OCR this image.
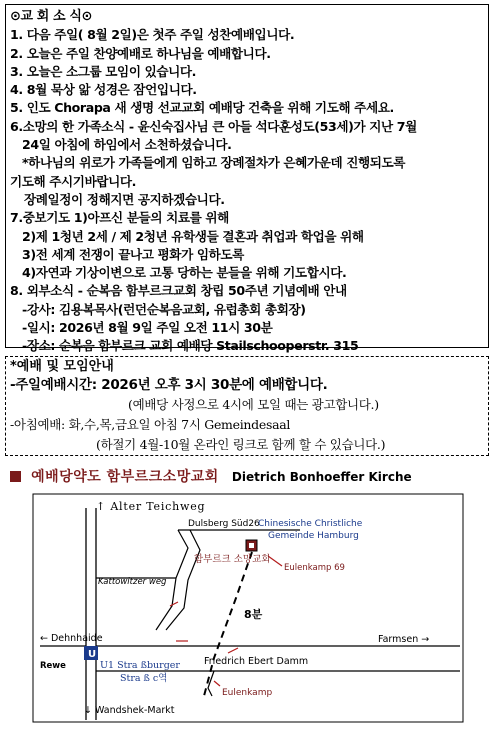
⊙교 회 소 식⊙
1. 다음 주일( 8월 2일)은 첫주 주일 성찬예배입니다.
2. 오늘은 주일 찬양예배로 하나님을 예배합니다.
3. 오늘은 소그룹 모임이 있습니다.
4. 8월 묵상 앎 성경은 잠언입니다.
5. 인도 Chorapa 새 생명 선교교회 예배당 건축을 위해 기도해 주세요.
6.소망의 한 가족소식 - 윤신숙집사님 큰 아들 석다훈성도(53세)가 지난 7월
24일 아침에 하임에서 소천하셨습니다.
*하나님의 위로가 가족들에게 임하고 장례절차가 은혜가운데 진행되도록
기도해 주시기바랍니다.
장례일정이 정해지면 공지하겠습니다.
7.중보기도 1)아프신 분들의 치료를 위해
2)제 1청년 2세 / 제 2청년 유학생들 결혼과 취업과 학업을 위해
3)전 세계 전쟁이 끝나고 평화가 임하도록
4)자연과 기상이변으로 고통 당하는 분들을 위해 기도합시다.
8. 외부소식 - 순복음 함부르크교회 창립 50주년 기념예배 안내
-강사: 김용복목사(런던순복음교회, 유럽총회 총회장)
-일시: 2026년 8월 9일 주일 오전 11시 30분
-장소: 순복음 함부르크 교회 예배당 Stailschooperstr. 315
*예배 및 모임안내
-주일예배시간: 2026년 오후 3시 30분에 예배합니다.
(예배당 사정으로 4시에 모일 때는 광고합니다.)
-아침예배: 화,수,목,금요일 아침 7시 Gemeindesaal
(하절기 4월-10월 온라인 링크로 함께 할 수 있습니다.)
예배당약도 함부르크소망교회 Dietrich Bonhoeffer Kirche
U
↑ Alter Teichweg
Dulsberg Süd26
Chinesische Christliche
Gemeinde Hamburg
함부르크 소망교회
Eulenkamp 69
Kattowitzer weg
8분
← Dehnhaide
Rewe	U1 Stra ßburger
Stra ß c역
Friedrich Ebert Damm
Farmsen →
Eulenkamp
↓ Wandshek-Markt
